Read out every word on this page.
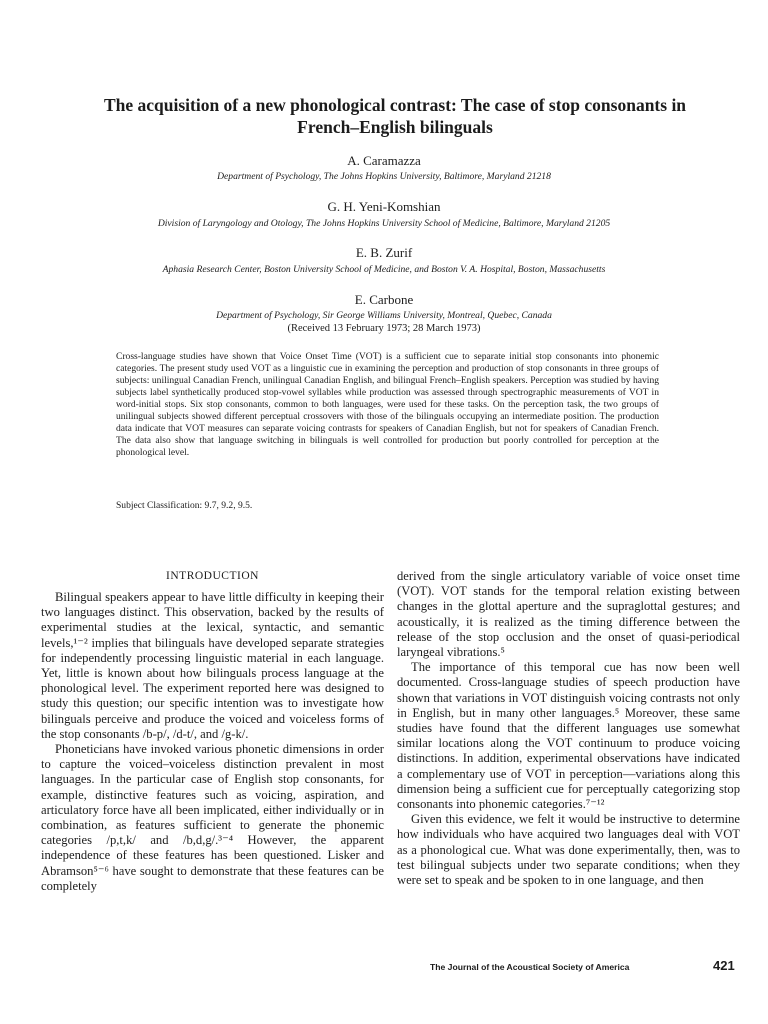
The acquisition of a new phonological contrast: The case of stop consonants in French–English bilinguals
A. Caramazza
Department of Psychology, The Johns Hopkins University, Baltimore, Maryland 21218
G. H. Yeni-Komshian
Division of Laryngology and Otology, The Johns Hopkins University School of Medicine, Baltimore, Maryland 21205
E. B. Zurif
Aphasia Research Center, Boston University School of Medicine, and Boston V. A. Hospital, Boston, Massachusetts
E. Carbone
Department of Psychology, Sir George Williams University, Montreal, Quebec, Canada
(Received 13 February 1973; 28 March 1973)
Cross-language studies have shown that Voice Onset Time (VOT) is a sufficient cue to separate initial stop consonants into phonemic categories. The present study used VOT as a linguistic cue in examining the perception and production of stop consonants in three groups of subjects: unilingual Canadian French, unilingual Canadian English, and bilingual French–English speakers. Perception was studied by having subjects label synthetically produced stop-vowel syllables while production was assessed through spectrographic measurements of VOT in word-initial stops. Six stop consonants, common to both languages, were used for these tasks. On the perception task, the two groups of unilingual subjects showed different perceptual crossovers with those of the bilinguals occupying an intermediate position. The production data indicate that VOT measures can separate voicing contrasts for speakers of Canadian English, but not for speakers of Canadian French. The data also show that language switching in bilinguals is well controlled for production but poorly controlled for perception at the phonological level.
Subject Classification: 9.7, 9.2, 9.5.
INTRODUCTION

Bilingual speakers appear to have little difficulty in keeping their two languages distinct. This observation, backed by the results of experimental studies at the lexical, syntactic, and semantic levels,¹⁻² implies that bilinguals have developed separate strategies for independently processing linguistic material in each language. Yet, little is known about how bilinguals process language at the phonological level. The experiment reported here was designed to study this question; our specific intention was to investigate how bilinguals perceive and produce the voiced and voiceless forms of the stop consonants /b-p/, /d-t/, and /g-k/.

Phoneticians have invoked various phonetic dimensions in order to capture the voiced–voiceless distinction prevalent in most languages. In the particular case of English stop consonants, for example, distinctive features such as voicing, aspiration, and articulatory force have all been implicated, either individually or in combination, as features sufficient to generate the phonemic categories /p,t,k/ and /b,d,g/.³⁻⁴ However, the apparent independence of these features has been questioned. Lisker and Abramson⁵⁻⁶ have sought to demonstrate that these features can be completely

derived from the single articulatory variable of voice onset time (VOT). VOT stands for the temporal relation existing between changes in the glottal aperture and the supraglottal gestures; and acoustically, it is realized as the timing difference between the release of the stop occlusion and the onset of quasi-periodical laryngeal vibrations.⁵

The importance of this temporal cue has now been well documented. Cross-language studies of speech production have shown that variations in VOT distinguish voicing contrasts not only in English, but in many other languages.⁵ Moreover, these same studies have found that the different languages use somewhat similar locations along the VOT continuum to produce voicing distinctions. In addition, experimental observations have indicated a complementary use of VOT in perception—variations along this dimension being a sufficient cue for perceptually categorizing stop consonants into phonemic categories.⁷⁻¹²

Given this evidence, we felt it would be instructive to determine how individuals who have acquired two languages deal with VOT as a phonological cue. What was done experimentally, then, was to test bilingual subjects under two separate conditions; when they were set to speak and be spoken to in one language, and then

The Journal of the Acoustical Society of America	421
